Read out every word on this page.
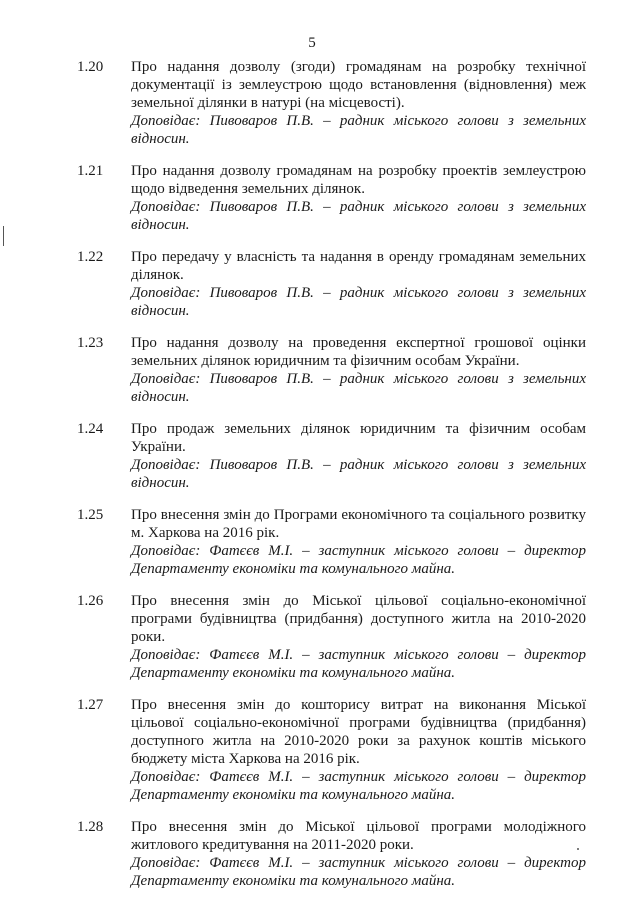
5
1.20 Про надання дозволу (згоди) громадянам на розробку технічної документації із землеустрою щодо встановлення (відновлення) меж земельної ділянки в натурі (на місцевості).
Доповідає: Пивоваров П.В. – радник міського голови з земельних відносин.
1.21 Про надання дозволу громадянам на розробку проектів землеустрою щодо відведення земельних ділянок.
Доповідає: Пивоваров П.В. – радник міського голови з земельних відносин.
1.22 Про передачу у власність та надання в оренду громадянам земельних ділянок.
Доповідає: Пивоваров П.В. – радник міського голови з земельних відносин.
1.23 Про надання дозволу на проведення експертної грошової оцінки земельних ділянок юридичним та фізичним особам України.
Доповідає: Пивоваров П.В. – радник міського голови з земельних відносин.
1.24 Про продаж земельних ділянок юридичним та фізичним особам України.
Доповідає: Пивоваров П.В. – радник міського голови з земельних відносин.
1.25 Про внесення змін до Програми економічного та соціального розвитку м. Харкова на 2016 рік.
Доповідає: Фатєєв М.І. – заступник міського голови – директор Департаменту економіки та комунального майна.
1.26 Про внесення змін до Міської цільової соціально-економічної програми будівництва (придбання) доступного житла на 2010-2020 роки.
Доповідає: Фатєєв М.І. – заступник міського голови – директор Департаменту економіки та комунального майна.
1.27 Про внесення змін до кошторису витрат на виконання Міської цільової соціально-економічної програми будівництва (придбання) доступного житла на 2010-2020 роки за рахунок коштів міського бюджету міста Харкова на 2016 рік.
Доповідає: Фатєєв М.І. – заступник міського голови – директор Департаменту економіки та комунального майна.
1.28 Про внесення змін до Міської цільової програми молодіжного житлового кредитування на 2011-2020 роки.
Доповідає: Фатєєв М.І. – заступник міського голови – директор Департаменту економіки та комунального майна.
